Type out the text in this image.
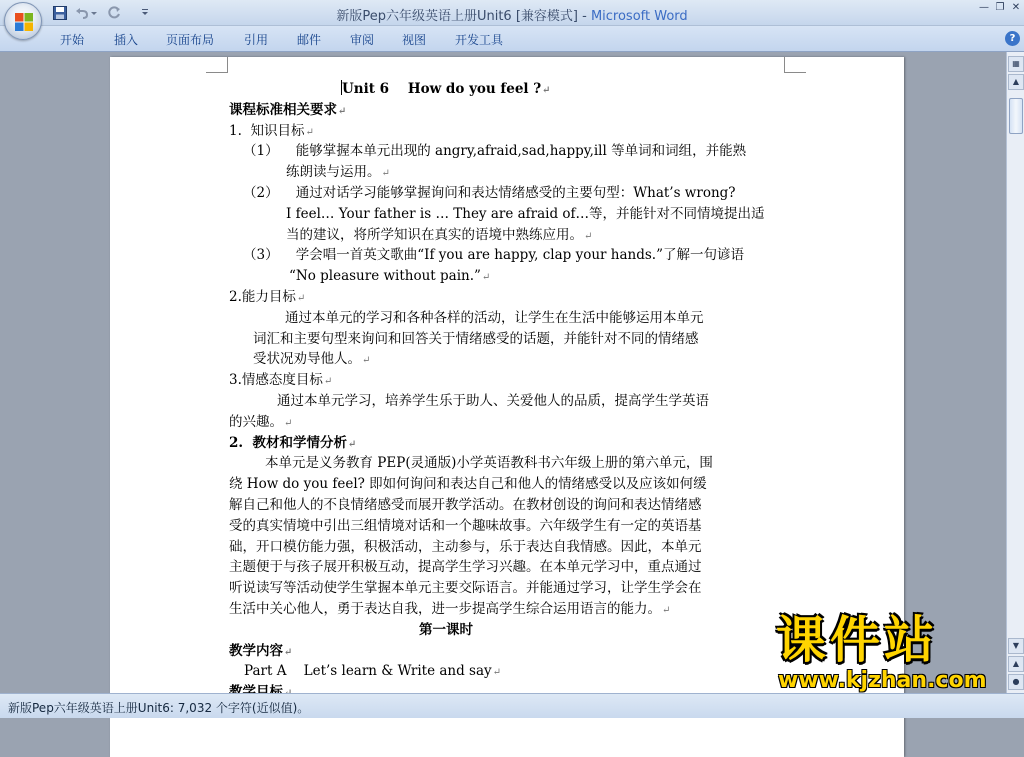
新版Pep六年级英语上册Unit6 [兼容模式] - Microsoft Word
— ❐ ✕
开始 插入 页面布局 引用 邮件 审阅 视图 开发工具	?
Unit 6    How do you feel ?↵
课程标准相关要求↵
1.  知识目标↵
（1）    能够掌握本单元出现的 angry,afraid,sad,happy,ill 等单词和词组，并能熟
练朗读与运用。↵
（2）    通过对话学习能够掌握询问和表达情绪感受的主要句型：What’s wrong?
I feel… Your father is … They are afraid of…等，并能针对不同情境提出适
当的建议，将所学知识在真实的语境中熟练应用。↵
（3）    学会唱一首英文歌曲“If you are happy, clap your hands.”了解一句谚语
“No pleasure without pain.”↵
2.能力目标↵
通过本单元的学习和各种各样的活动，让学生在生活中能够运用本单元
词汇和主要句型来询问和回答关于情绪感受的话题，并能针对不同的情绪感
受状况劝导他人。↵
3.情感态度目标↵
通过本单元学习，培养学生乐于助人、关爱他人的品质，提高学生学英语
的兴趣。↵
2.  教材和学情分析↵
本单元是义务教育 PEP(灵通版)小学英语教科书六年级上册的第六单元，围
绕 How do you feel? 即如何询问和表达自己和他人的情绪感受以及应该如何缓
解自己和他人的不良情绪感受而展开教学活动。在教材创设的询问和表达情绪感
受的真实情境中引出三组情境对话和一个趣味故事。六年级学生有一定的英语基
础，开口模仿能力强，积极活动，主动参与，乐于表达自我情感。因此，本单元
主题便于与孩子展开积极互动，提高学生学习兴趣。在本单元学习中，重点通过
听说读写等活动使学生掌握本单元主要交际语言。并能通过学习，让学生学会在
生活中关心他人，勇于表达自我，进一步提高学生综合运用语言的能力。↵
第一课时
教学内容↵
Part A    Let’s learn & Write and say↵
▦
▲
▼
▲
●
课件站
www.kjzhan.com
新版Pep六年级英语上册Unit6: 7,032 个字符(近似值)。
